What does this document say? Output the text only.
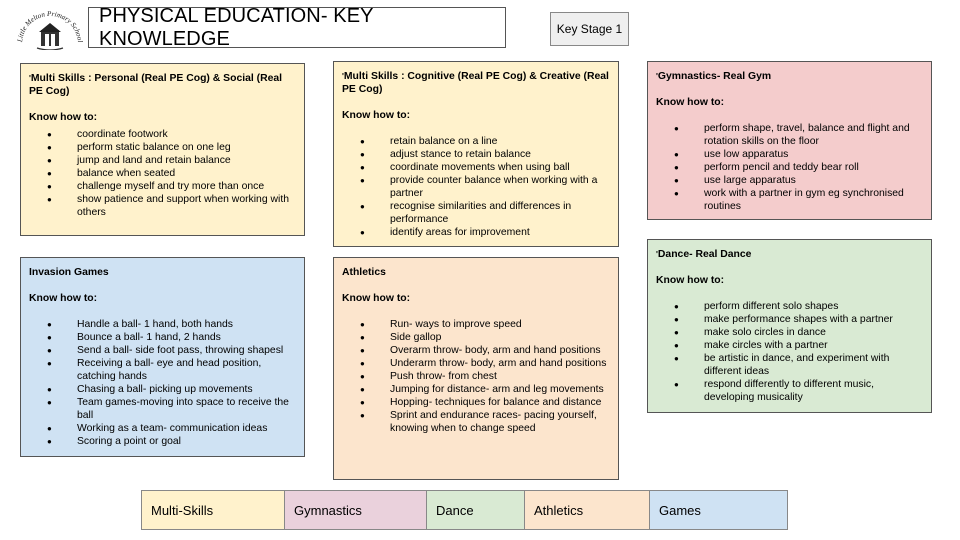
Little Melton Primary School
PHYSICAL EDUCATION- KEY KNOWLEDGE	Key Stage 1
'Multi Skills : Personal (Real PE Cog) & Social (Real PE Cog)
Know how to:
● coordinate footwork
● perform static balance on one leg
● jump and land and retain balance
● balance when seated
● challenge myself and try more than once
● show patience and support when working with others
'Multi Skills : Cognitive (Real PE Cog) & Creative (Real PE Cog)
Know how to:
● retain balance on a line
● adjust stance to retain balance
● coordinate movements when using ball
● provide counter balance when working with a partner
● recognise similarities and differences in performance
● identify areas for improvement
'Gymnastics- Real Gym
Know how to:
● perform shape, travel, balance and flight and rotation skills on the floor
● use low apparatus
● perform pencil and teddy bear roll
● use large apparatus
● work with a partner in gym eg synchronised routines
Invasion Games
Know how to:
● Handle a ball- 1 hand, both hands
● Bounce a ball- 1 hand, 2 hands
● Send a ball- side foot pass, throwing shapesl
● Receiving a ball- eye and head position, catching hands
● Chasing a ball- picking up movements
● Team games-moving into space to receive the ball
● Working as a team- communication ideas
● Scoring a point or goal
Athletics
Know how to:
● Run- ways to improve speed
● Side gallop
● Overarm throw- body, arm and hand positions
● Underarm throw- body, arm and hand positions
● Push throw- from chest
● Jumping for distance- arm and leg movements
● Hopping- techniques for balance and distance
● Sprint and endurance races- pacing yourself, knowing when to change speed
'Dance- Real Dance
Know how to:
● perform different solo shapes
● make performance shapes with a partner
● make solo circles in dance
● make circles with a partner
● be artistic in dance, and experiment with different ideas
● respond differently to different music, developing musicality
Multi-Skills	Gymnastics	Dance	Athletics	Games
